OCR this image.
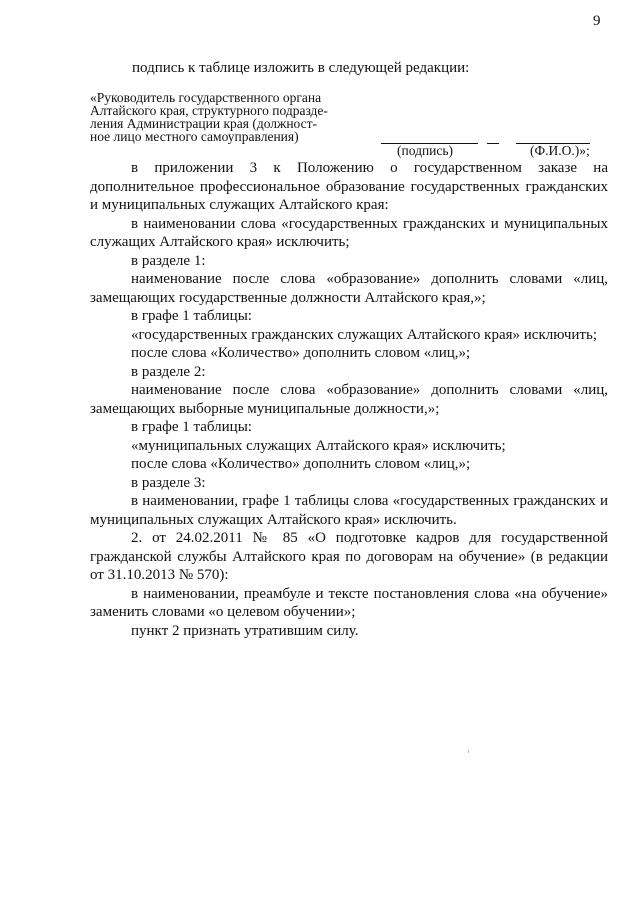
9
подпись к таблице изложить в следующей редакции:
«Руководитель государственного органа
Алтайского края, структурного подразде-
ления Администрации края (должност-
ное лицо местного самоуправления)
(подпись)	(Ф.И.О.)»;

в приложении 3 к Положению о государственном заказе на дополнительное профессиональное образование государственных гражданских и муниципальных служащих Алтайского края:

в наименовании слова «государственных гражданских и муниципальных служащих Алтайского края» исключить;

в разделе 1:

наименование после слова «образование» дополнить словами «лиц, замещающих государственные должности Алтайского края,»;

в графе 1 таблицы:

«государственных гражданских служащих Алтайского края» исключить;

после слова «Количество» дополнить словом «лиц,»;

в разделе 2:

наименование после слова «образование» дополнить словами «лиц, замещающих выборные муниципальные должности,»;

в графе 1 таблицы:

«муниципальных служащих Алтайского края» исключить;

после слова «Количество» дополнить словом «лиц,»;

в разделе 3:

в наименовании, графе 1 таблицы слова «государственных гражданских и муниципальных служащих Алтайского края» исключить.

2. от 24.02.2011 № 85 «О подготовке кадров для государственной гражданской службы Алтайского края по договорам на обучение» (в редакции от 31.10.2013 № 570):

в наименовании, преамбуле и тексте постановления слова «на обучение» заменить словами «о целевом обучении»;

пункт 2 признать утратившим силу.
